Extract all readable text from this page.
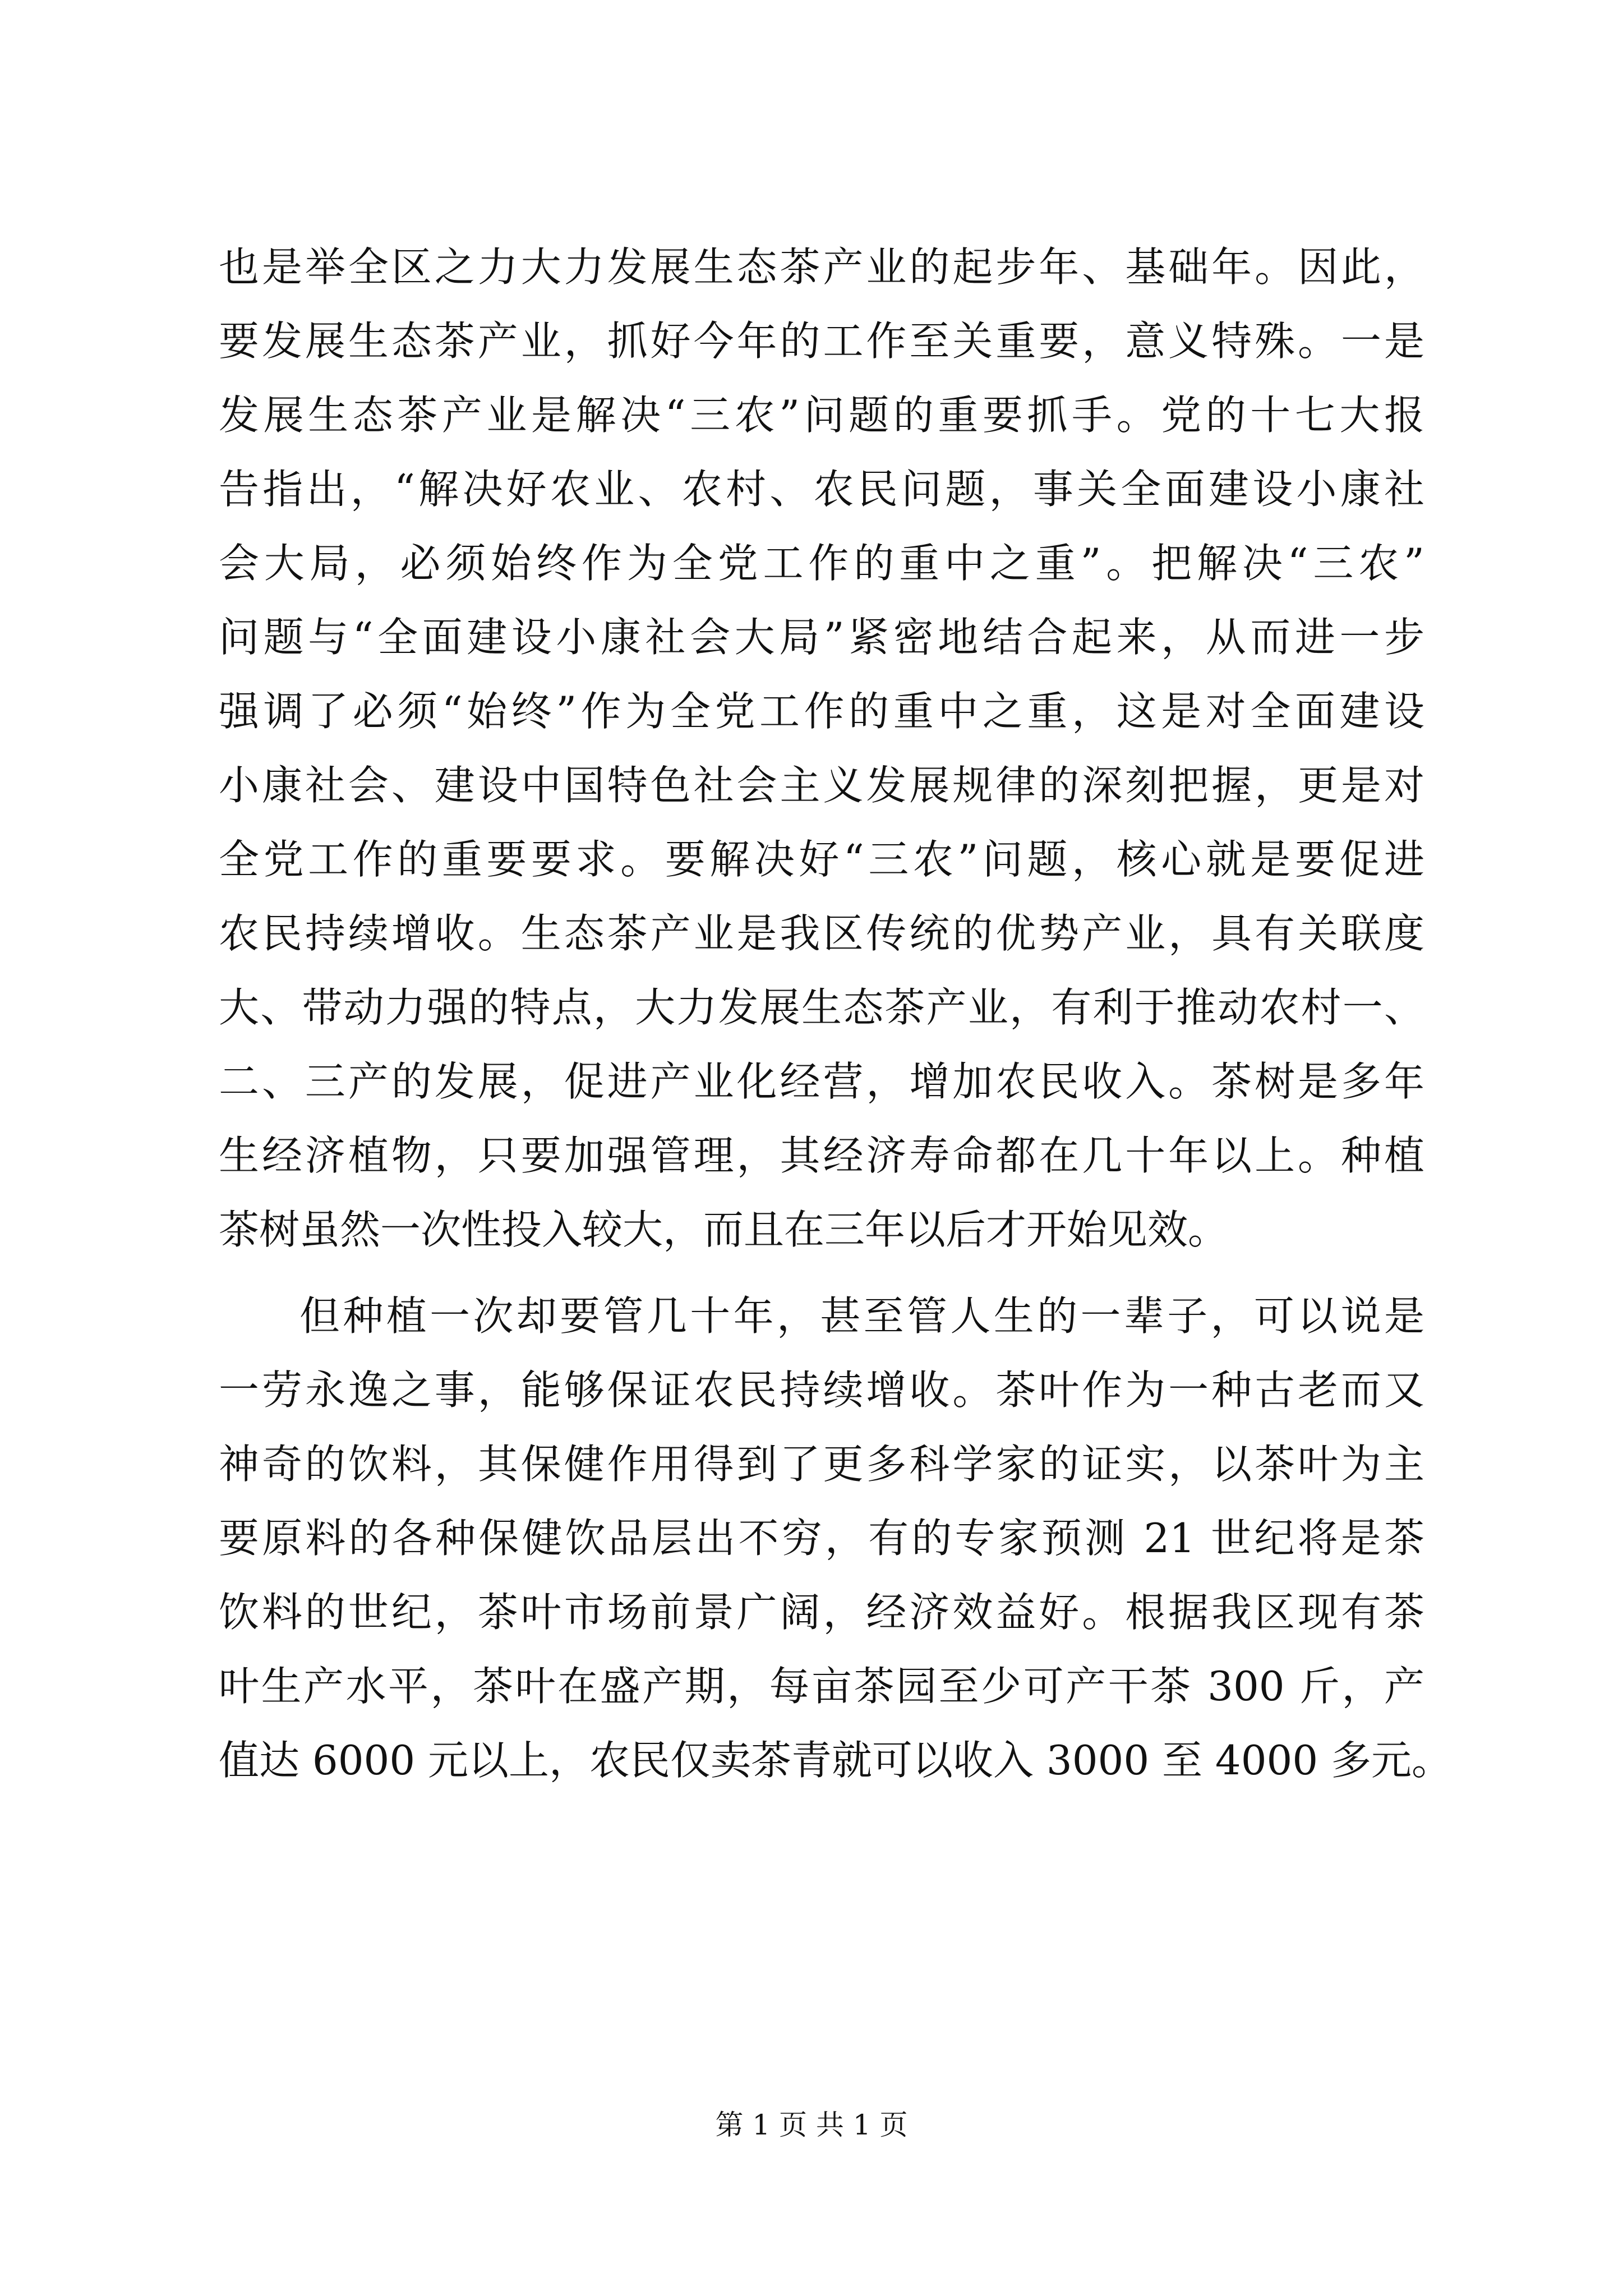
也是举全区之力大力发展生态茶产业的起步年、基础年。因此，
要发展生态茶产业，抓好今年的工作至关重要，意义特殊。一是
发展生态茶产业是解决“三农”问题的重要抓手。党的十七大报
告指出，“解决好农业、农村、农民问题，事关全面建设小康社
会大局，必须始终作为全党工作的重中之重”。把解决“三农”
问题与“全面建设小康社会大局”紧密地结合起来，从而进一步
强调了必须“始终”作为全党工作的重中之重，这是对全面建设
小康社会、建设中国特色社会主义发展规律的深刻把握，更是对
全党工作的重要要求。要解决好“三农”问题，核心就是要促进
农民持续增收。生态茶产业是我区传统的优势产业，具有关联度
大、带动力强的特点，大力发展生态茶产业，有利于推动农村一、
二、三产的发展，促进产业化经营，增加农民收入。茶树是多年
生经济植物，只要加强管理，其经济寿命都在几十年以上。种植
茶树虽然一次性投入较大，而且在三年以后才开始见效。

但种植一次却要管几十年，甚至管人生的一辈子，可以说是
一劳永逸之事，能够保证农民持续增收。茶叶作为一种古老而又
神奇的饮料，其保健作用得到了更多科学家的证实，以茶叶为主
要原料的各种保健饮品层出不穷，有的专家预测 21 世纪将是茶
饮料的世纪，茶叶市场前景广阔，经济效益好。根据我区现有茶
叶生产水平，茶叶在盛产期，每亩茶园至少可产干茶 300 斤，产
值达 6000 元以上，农民仅卖茶青就可以收入 3000 至 4000 多元。

第 1 页 共 1 页
